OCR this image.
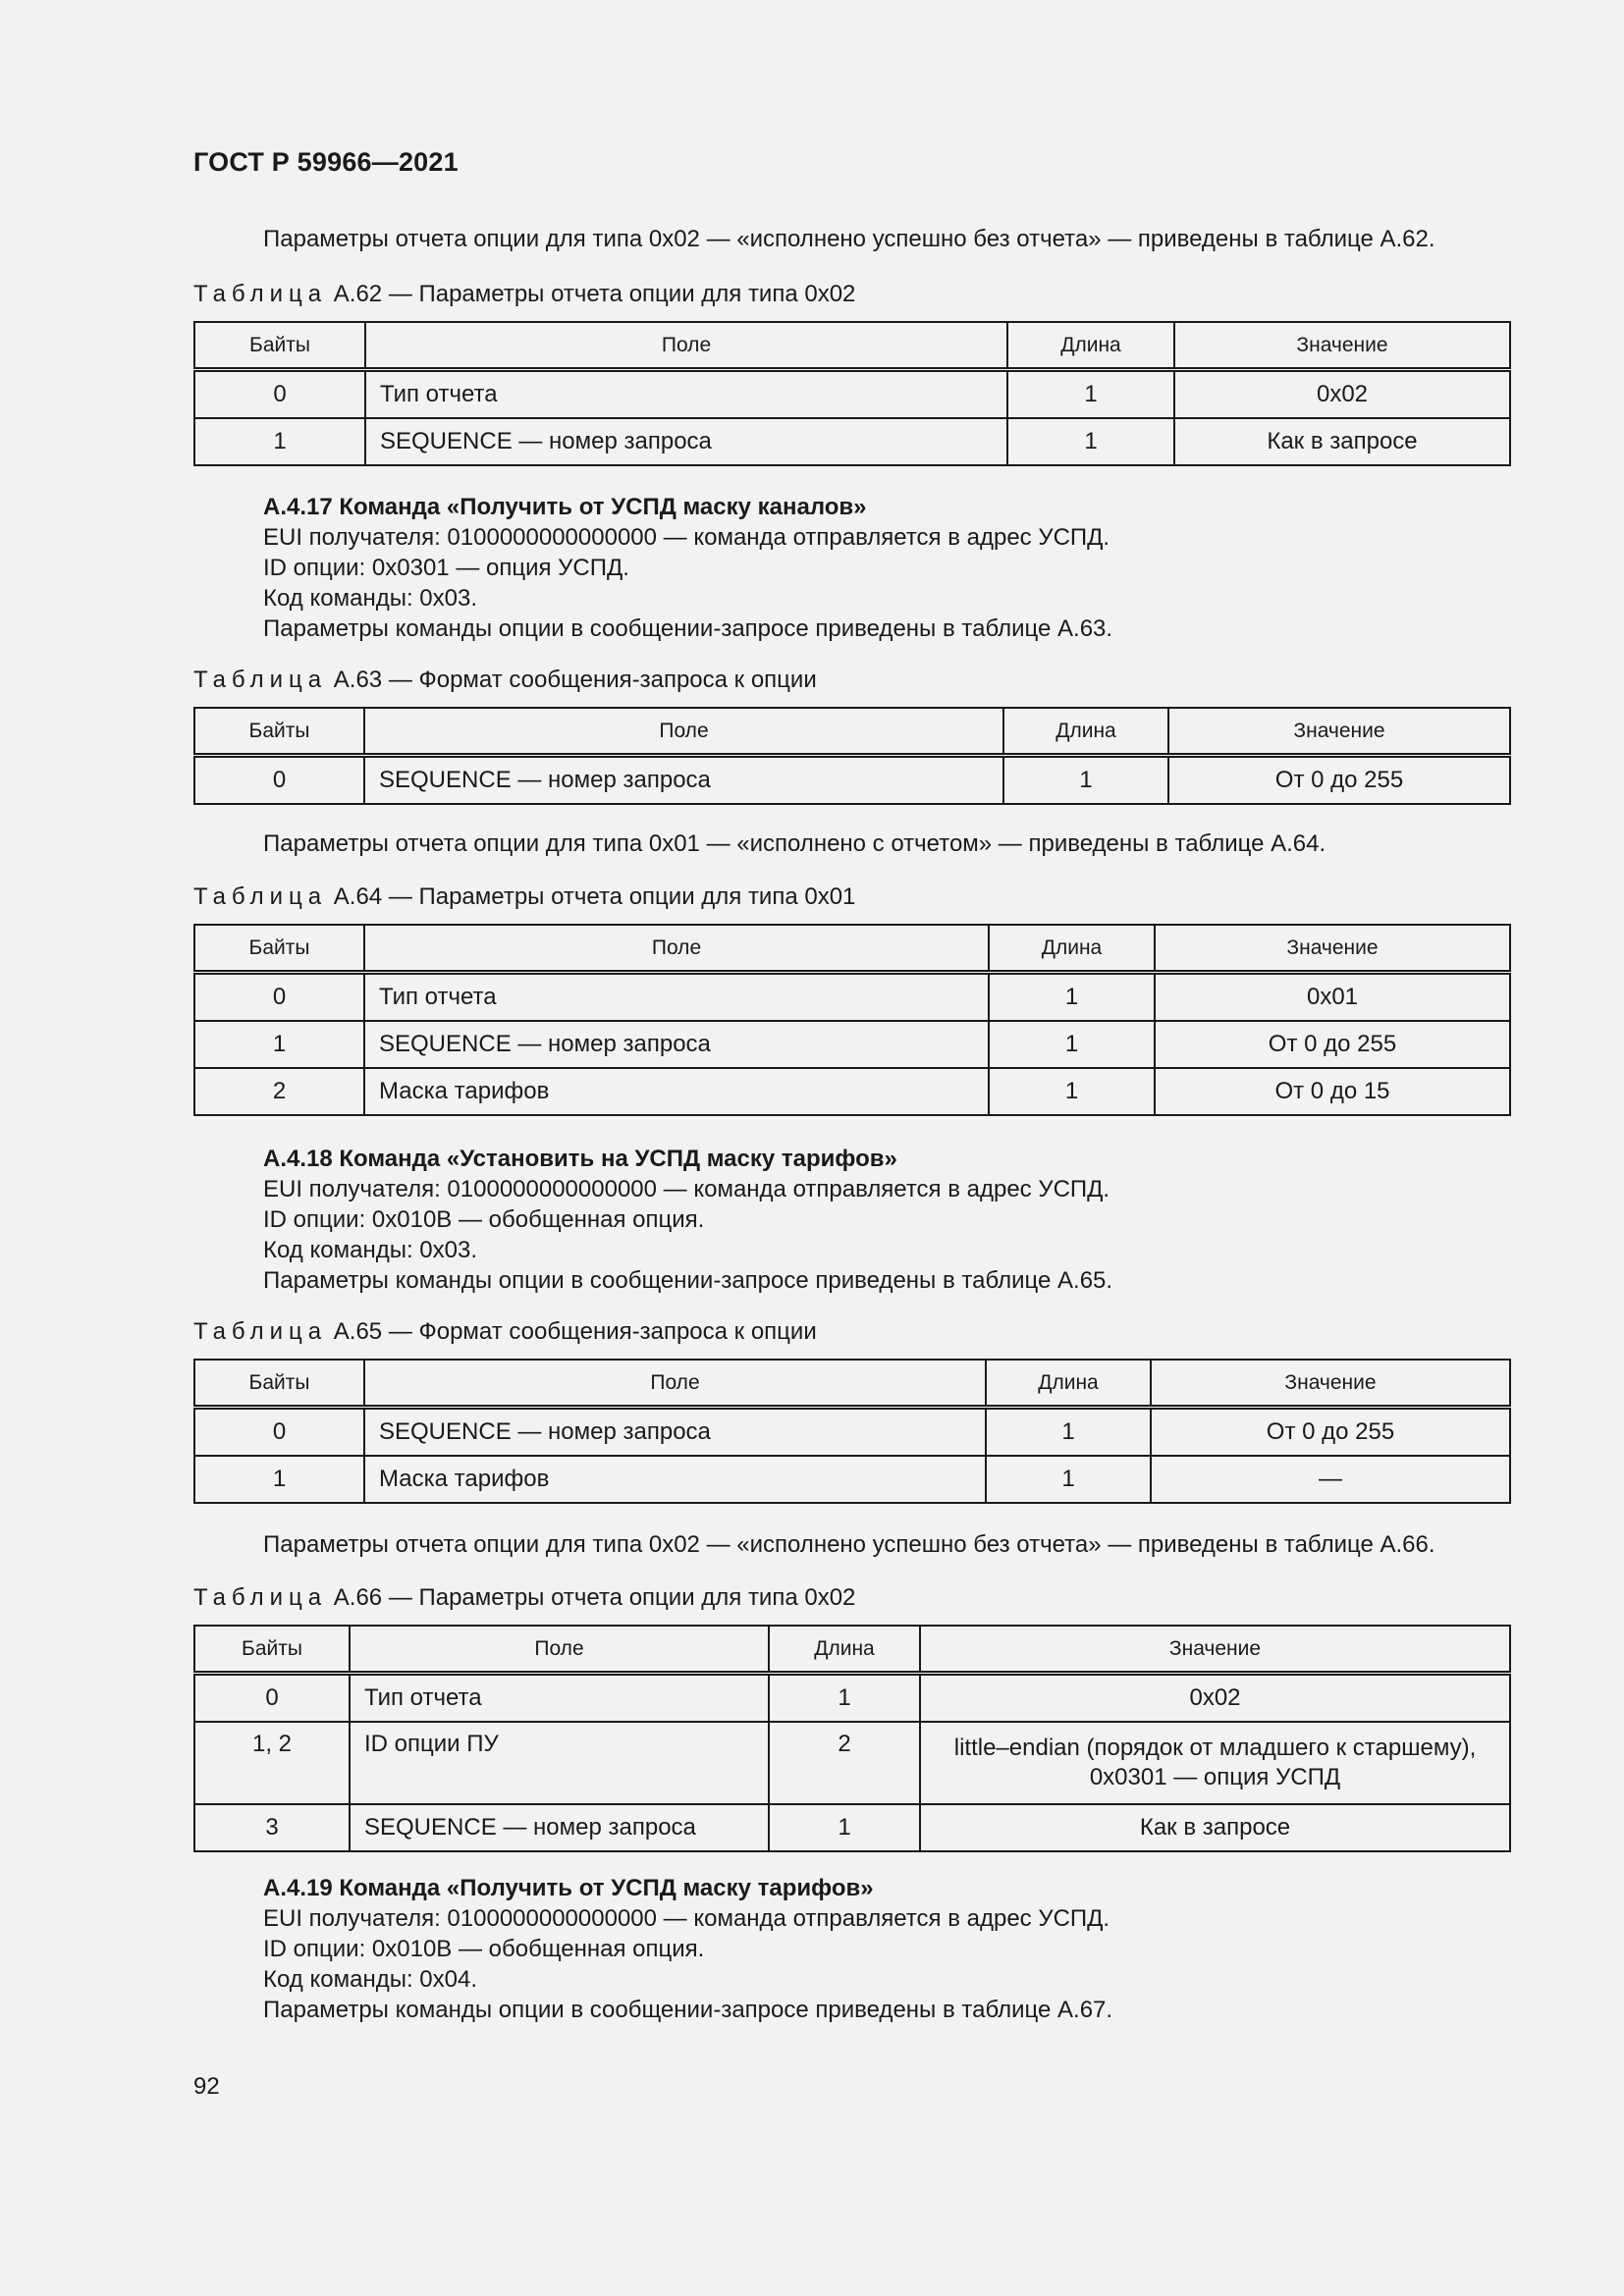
ГОСТ Р 59966—2021
Параметры отчета опции для типа 0x02 — «исполнено успешно без отчета» — приведены в таблице А.62.
Таблица А.62 — Параметры отчета опции для типа 0x02
Байты	Поле	Длина	Значение
0	Тип отчета	1	0x02
1	SEQUENCE — номер запроса	1	Как в запросе
А.4.17 Команда «Получить от УСПД маску каналов»
EUI получателя: 0100000000000000 — команда отправляется в адрес УСПД.
ID опции: 0x0301 — опция УСПД.
Код команды: 0x03.
Параметры команды опции в сообщении-запросе приведены в таблице А.63.
Таблица А.63 — Формат сообщения-запроса к опции
Байты	Поле	Длина	Значение
0	SEQUENCE — номер запроса	1	От 0 до 255
Параметры отчета опции для типа 0x01 — «исполнено с отчетом» — приведены в таблице А.64.
Таблица А.64 — Параметры отчета опции для типа 0x01
Байты	Поле	Длина	Значение
0	Тип отчета	1	0x01
1	SEQUENCE — номер запроса	1	От 0 до 255
2	Маска тарифов	1	От 0 до 15
А.4.18 Команда «Установить на УСПД маску тарифов»
EUI получателя: 0100000000000000 — команда отправляется в адрес УСПД.
ID опции: 0x010B — обобщенная опция.
Код команды: 0x03.
Параметры команды опции в сообщении-запросе приведены в таблице А.65.
Таблица А.65 — Формат сообщения-запроса к опции
Байты	Поле	Длина	Значение
0	SEQUENCE — номер запроса	1	От 0 до 255
1	Маска тарифов	1	—
Параметры отчета опции для типа 0x02 — «исполнено успешно без отчета» — приведены в таблице А.66.
Таблица А.66 — Параметры отчета опции для типа 0x02
Байты	Поле	Длина	Значение
0	Тип отчета	1	0x02
1, 2	ID опции ПУ	2	little–endian (порядок от младшего к старшему), 0x0301 — опция УСПД
3	SEQUENCE — номер запроса	1	Как в запросе
А.4.19 Команда «Получить от УСПД маску тарифов»
EUI получателя: 0100000000000000 — команда отправляется в адрес УСПД.
ID опции: 0x010B — обобщенная опция.
Код команды: 0x04.
Параметры команды опции в сообщении-запросе приведены в таблице А.67.
92
